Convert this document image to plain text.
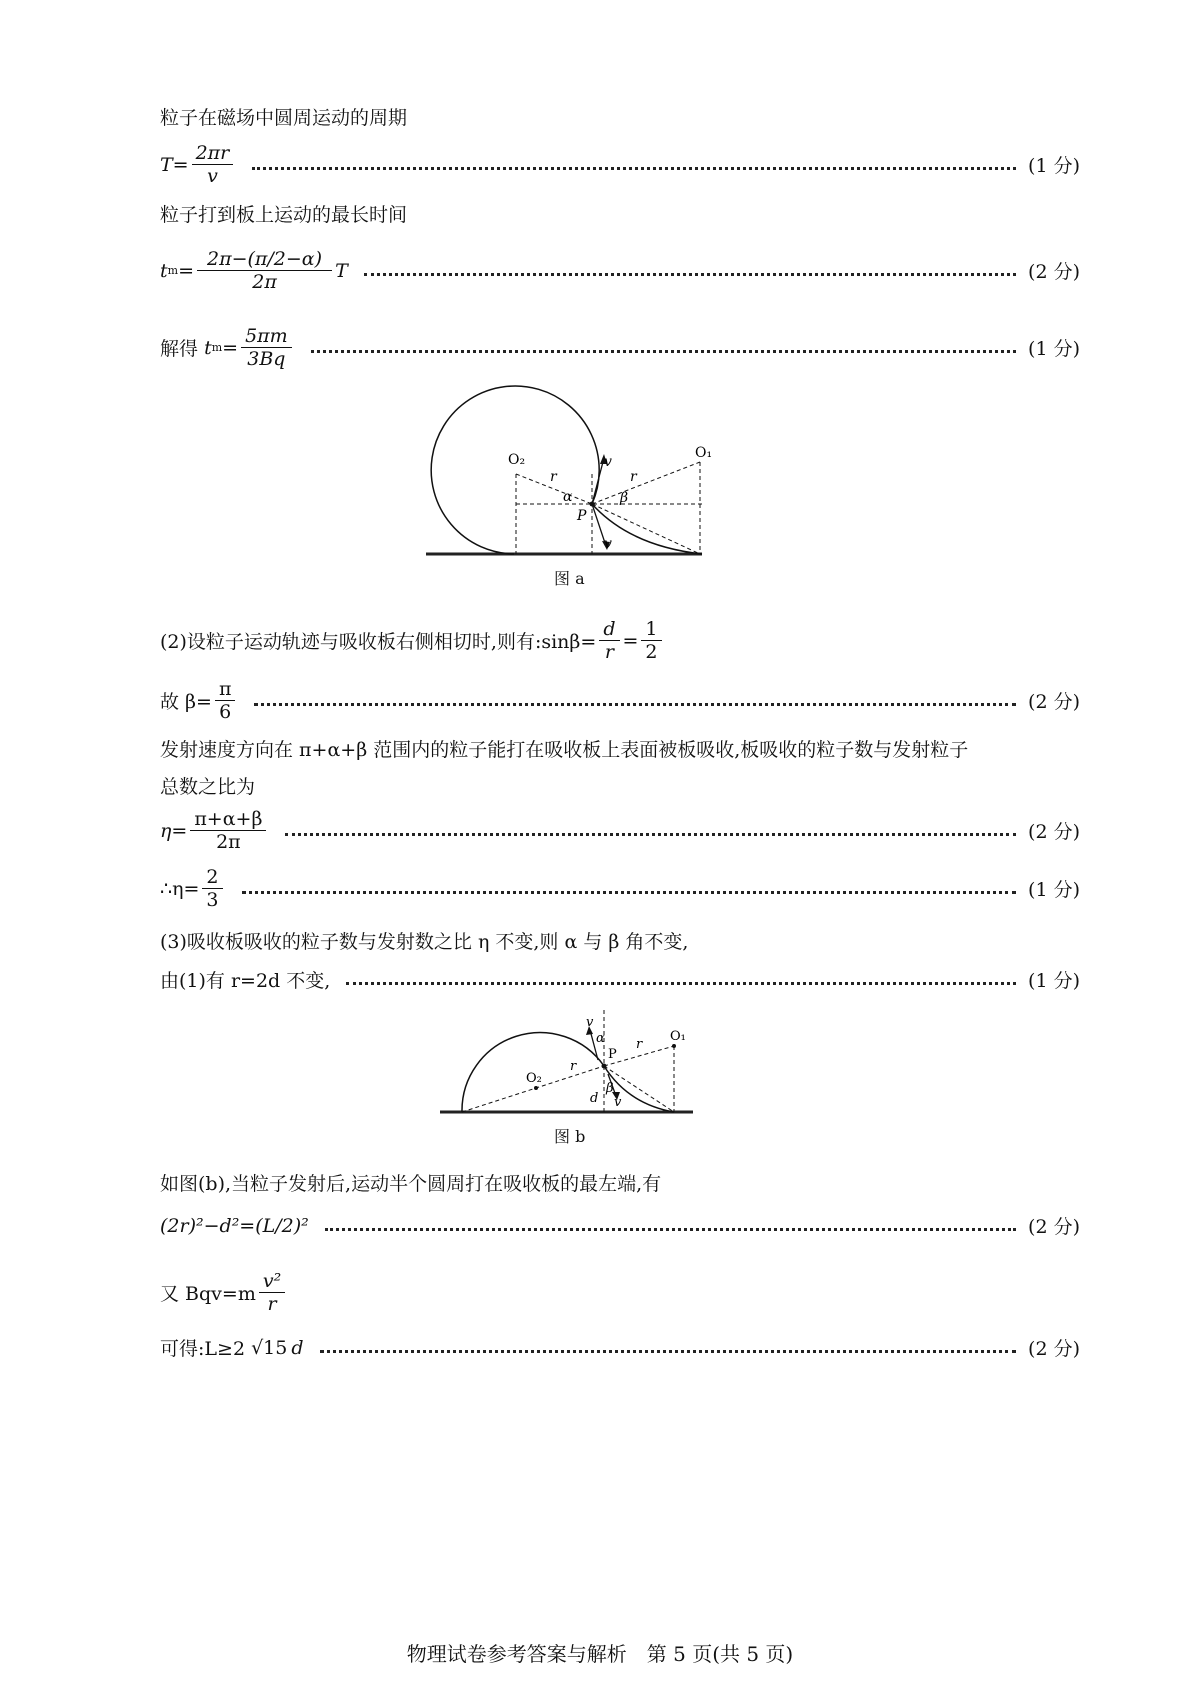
粒子在磁场中圆周运动的周期
$T= \frac{2\pi r}{v}$	(1 分)
粒子打到板上运动的最长时间
t $m = \frac{2\pi-(\pi/2-\alpha)}{2\pi}$ T	(2 分)
解得
t $m = \frac{5\pi m}{3Bq}$	(1 分)
O₂	O₁
r	r
v
v
α	β
P
图 a
(2)设粒子运动轨迹与吸收板右侧相切时,则有:sinβ= $\frac{d}{r} = \frac{1}{2}$
故 $\beta= \frac{\pi}{6}$	(2 分)
发射速度方向在 π+α+β 范围内的粒子能打在吸收板上表面被板吸收,板吸收的粒子数与发射粒子
总数之比为
$\eta= \frac{\pi+\alpha+\beta}{2\pi}$	(2 分)
∴η= $\frac{2}{3}$	(1 分)
(3)吸收板吸收的粒子数与发射数之比 η 不变,则 α 与 β 角不变,
由(1)有 r=2d 不变,	(1 分)
O₂
O₁
r
r
v
v
α
β
P
d
图 b
如图(b),当粒子发射后,运动半个圆周打在吸收板的最左端,有
(2r)²−d²=(L/2)²	(2 分)
又 $Bqv=m \frac{\text{v²}}{r}$
可得:L≥2
√15 d	(2 分)
物理试卷参考答案与解析　第 5 页(共 5 页)
